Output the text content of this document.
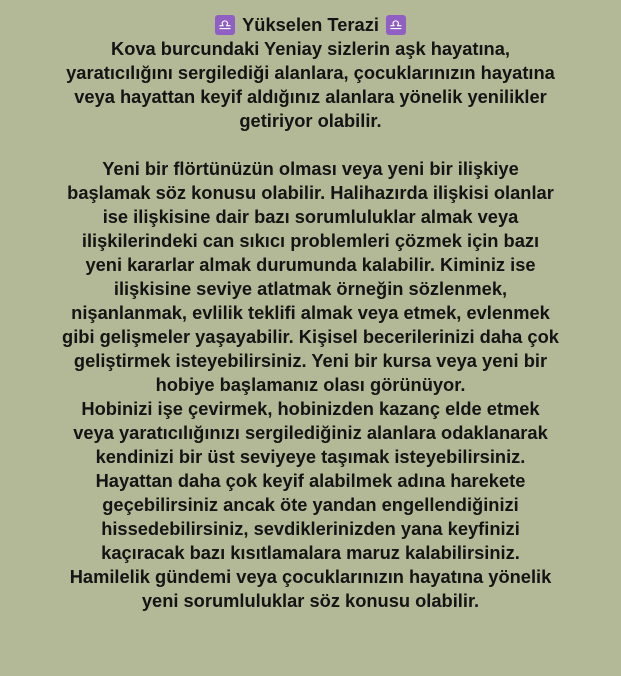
♎ Yükselen Terazi ♎
Kova burcundaki Yeniay sizlerin aşk hayatına,
yaratıcılığını sergilediği alanlara, çocuklarınızın hayatına
veya hayattan keyif aldığınız alanlara yönelik yenilikler
getiriyor olabilir.
Yeni bir flörtünüzün olması veya yeni bir ilişkiye
başlamak söz konusu olabilir. Halihazırda ilişkisi olanlar
ise ilişkisine dair bazı sorumluluklar almak veya
ilişkilerindeki can sıkıcı problemleri çözmek için bazı
yeni kararlar almak durumunda kalabilir. Kiminiz ise
ilişkisine seviye atlatmak örneğin sözlenmek,
nişanlanmak, evlilik teklifi almak veya etmek, evlenmek
gibi gelişmeler yaşayabilir. Kişisel becerilerinizi daha çok
geliştirmek isteyebilirsiniz. Yeni bir kursa veya yeni bir
hobiye başlamanız olası görünüyor.
Hobinizi işe çevirmek, hobinizden kazanç elde etmek
veya yaratıcılığınızı sergilediğiniz alanlara odaklanarak
kendinizi bir üst seviyeye taşımak isteyebilirsiniz.
Hayattan daha çok keyif alabilmek adına harekete
geçebilirsiniz ancak öte yandan engellendiğinizi
hissedebilirsiniz, sevdiklerinizden yana keyfinizi
kaçıracak bazı kısıtlamalara maruz kalabilirsiniz.
Hamilelik gündemi veya çocuklarınızın hayatına yönelik
yeni sorumluluklar söz konusu olabilir.
